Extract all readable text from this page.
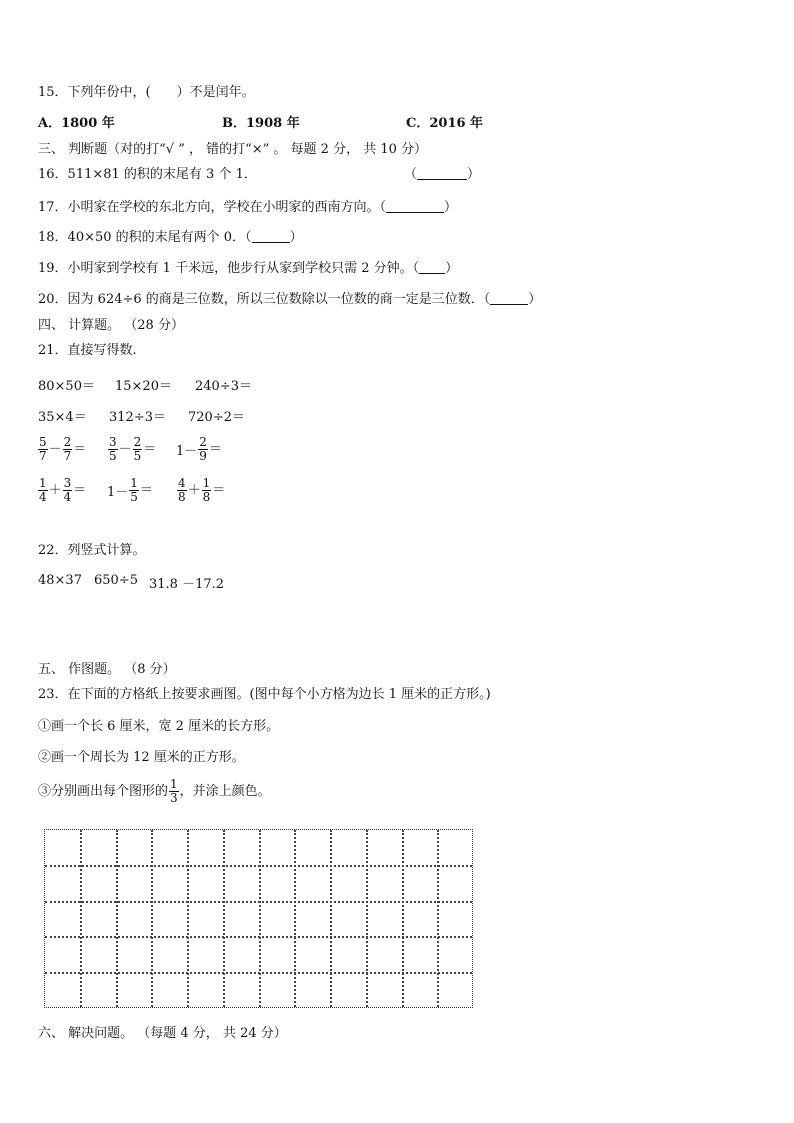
15．下列年份中，(　　）不是闰年。
A．1800 年	B．1908 年	C．2016 年
三、 判断题（对的打“√ ” ， 错的打“×” 。 每题 2 分， 共 10 分）
16．511×81 的积的末尾有 3 个 1．	（	）
17．小明家在学校的东北方向，学校在小明家的西南方向。（	）
18．40×50 的积的末尾有两个 0．（	）
19．小明家到学校有 1 千米远，他步行从家到学校只需 2 分钟。（ ）
20．因为 624÷6 的商是三位数，所以三位数除以一位数的商一定是三位数．（	）
四、 计算题。 （28 分）
21．直接写得数.
80×50＝ 15×20＝ 240÷3＝
35×4＝ 312÷3＝ 720÷2＝
$\frac{5}{7} - \frac{2}{7} = \frac{3}{5} - \frac{2}{5} = 1- \frac{2}{9}$ ＝
$\frac{1}{4} + \frac{3}{4} = 1- \frac{1}{5} = \frac{4}{8} + \frac{1}{8}$ ＝
22．列竖式计算。
48×37 650÷5 31.8 －17.2
五、 作图题。 （8 分）
23．在下面的方格纸上按要求画图。(图中每个小方格为边长 1 厘米的正方形。)
①画一个长 6 厘米，宽 2 厘米的长方形。
②画一个周长为 12 厘米的正方形。
③分别画出每个图形的 $\frac{1}{3}$ ，并涂上颜色。
六、 解决问题。 （每题 4 分， 共 24 分）
